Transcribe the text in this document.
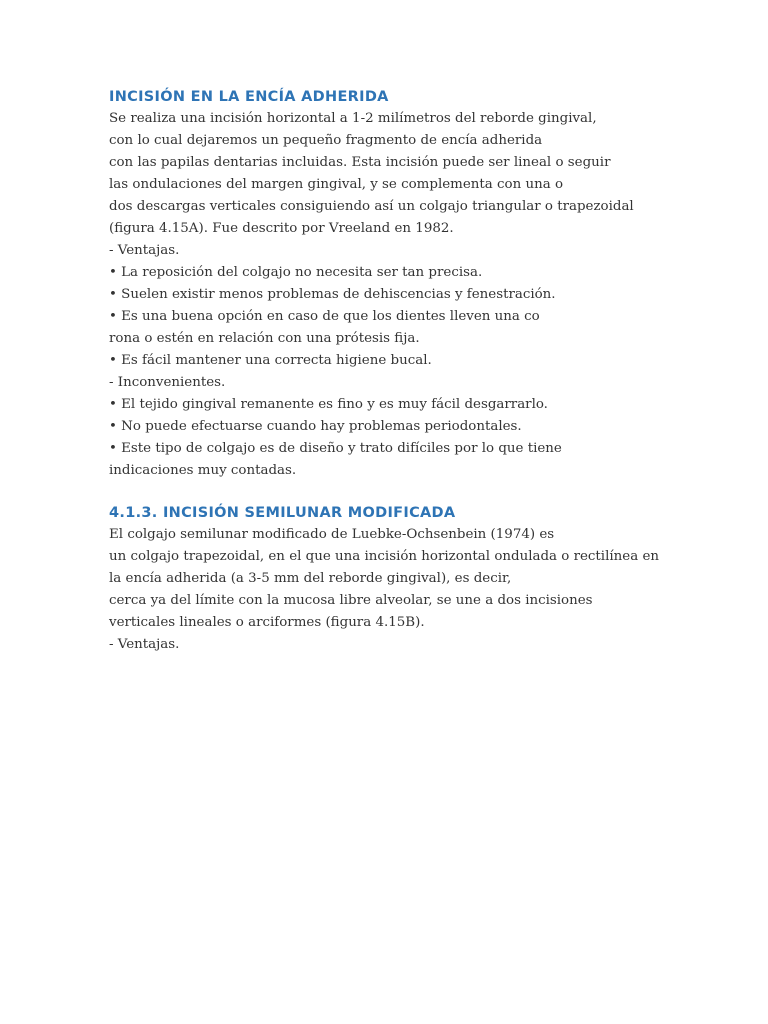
INCISIÓN EN LA ENCÍA ADHERIDA

Se realiza una incisión horizontal a 1-2 milímetros del reborde gingival,

con lo cual dejaremos un pequeño fragmento de encía adherida

con las papilas dentarias incluidas. Esta incisión puede ser lineal o seguir

las ondulaciones del margen gingival, y se complementa con una o

dos descargas verticales consiguiendo así un colgajo triangular o trapezoidal

(figura 4.15A). Fue descrito por Vreeland en 1982.

- Ventajas.

• La reposición del colgajo no necesita ser tan precisa.

• Suelen existir menos problemas de dehiscencias y fenestración.

• Es una buena opción en caso de que los dientes lleven una co

rona o estén en relación con una prótesis fija.

• Es fácil mantener una correcta higiene bucal.

- Inconvenientes.

• El tejido gingival remanente es fino y es muy fácil desgarrarlo.

• No puede efectuarse cuando hay problemas periodontales.

• Este tipo de colgajo es de diseño y trato difíciles por lo que tiene

indicaciones muy contadas.

4.1.3. INCISIÓN SEMILUNAR MODIFICADA

El colgajo semilunar modificado de Luebke-Ochsenbein (1974) es

un colgajo trapezoidal, en el que una incisión horizontal ondulada o rectilínea en

la encía adherida (a 3-5 mm del reborde gingival), es decir,

cerca ya del límite con la mucosa libre alveolar, se une a dos incisiones

verticales lineales o arciformes (figura 4.15B).

- Ventajas.
